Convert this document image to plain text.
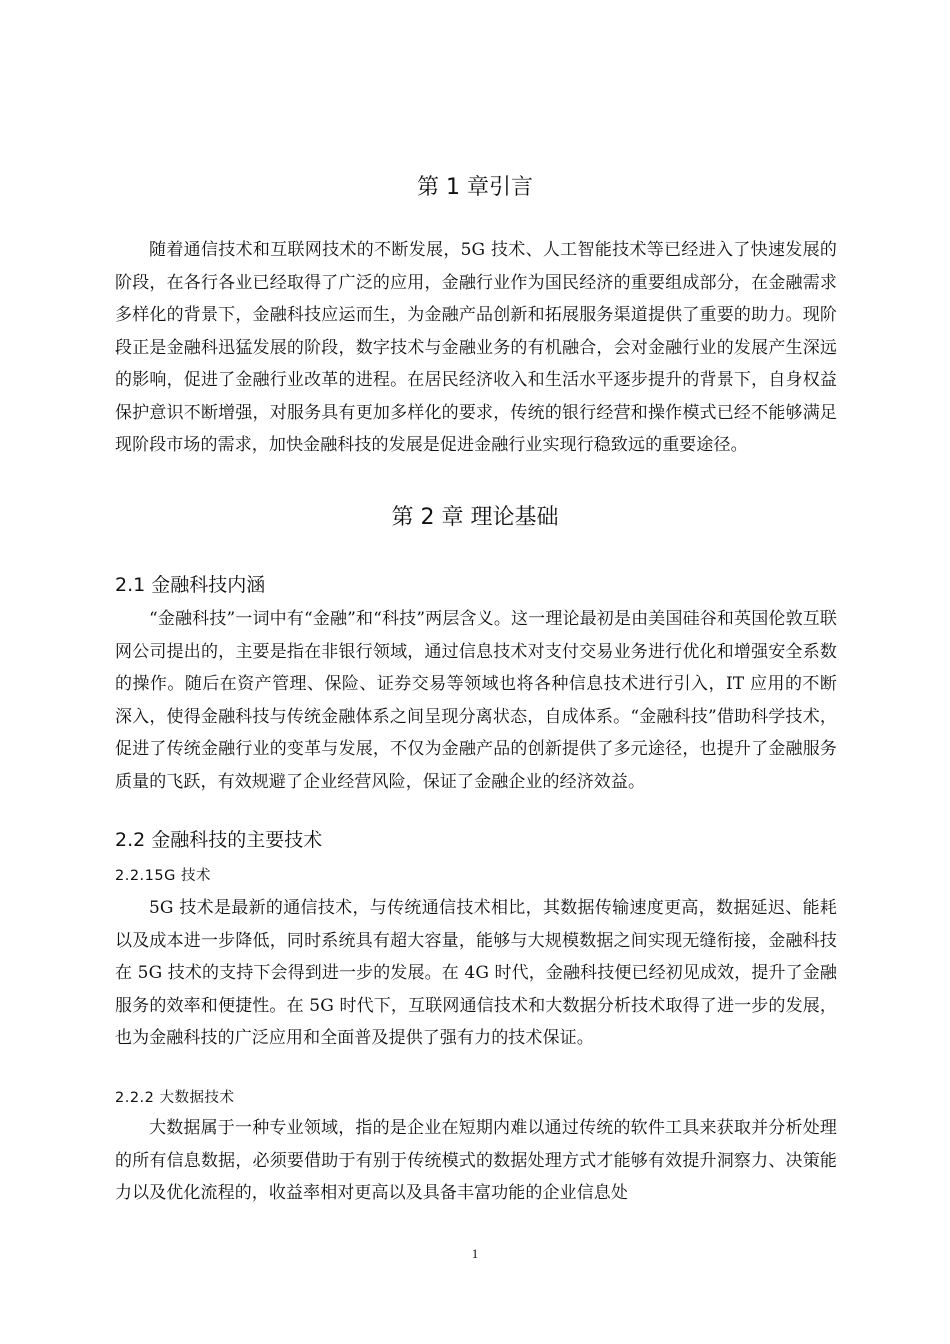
第 1 章引言
随着通信技术和互联网技术的不断发展，5G 技术、人工智能技术等已经进入了快速发展的阶段，在各行各业已经取得了广泛的应用，金融行业作为国民经济的重要组成部分，在金融需求多样化的背景下，金融科技应运而生，为金融产品创新和拓展服务渠道提供了重要的助力。现阶段正是金融科迅猛发展的阶段，数字技术与金融业务的有机融合，会对金融行业的发展产生深远的影响，促进了金融行业改革的进程。在居民经济收入和生活水平逐步提升的背景下，自身权益保护意识不断增强，对服务具有更加多样化的要求，传统的银行经营和操作模式已经不能够满足现阶段市场的需求，加快金融科技的发展是促进金融行业实现行稳致远的重要途径。
第 2 章 理论基础
2.1 金融科技内涵
“金融科技”一词中有“金融”和“科技”两层含义。这一理论最初是由美国硅谷和英国伦敦互联网公司提出的，主要是指在非银行领域，通过信息技术对支付交易业务进行优化和增强安全系数的操作。随后在资产管理、保险、证券交易等领域也将各种信息技术进行引入，IT 应用的不断深入，使得金融科技与传统金融体系之间呈现分离状态，自成体系。“金融科技”借助科学技术，促进了传统金融行业的变革与发展，不仅为金融产品的创新提供了多元途径，也提升了金融服务质量的飞跃，有效规避了企业经营风险，保证了金融企业的经济效益。
2.2 金融科技的主要技术
2.2.15G 技术
5G 技术是最新的通信技术，与传统通信技术相比，其数据传输速度更高，数据延迟、能耗以及成本进一步降低，同时系统具有超大容量，能够与大规模数据之间实现无缝衔接，金融科技在 5G 技术的支持下会得到进一步的发展。在 4G 时代，金融科技便已经初见成效，提升了金融服务的效率和便捷性。在 5G 时代下，互联网通信技术和大数据分析技术取得了进一步的发展，也为金融科技的广泛应用和全面普及提供了强有力的技术保证。
2.2.2 大数据技术
大数据属于一种专业领域，指的是企业在短期内难以通过传统的软件工具来获取并分析处理的所有信息数据，必须要借助于有别于传统模式的数据处理方式才能够有效提升洞察力、决策能力以及优化流程的，收益率相对更高以及具备丰富功能的企业信息处
1
